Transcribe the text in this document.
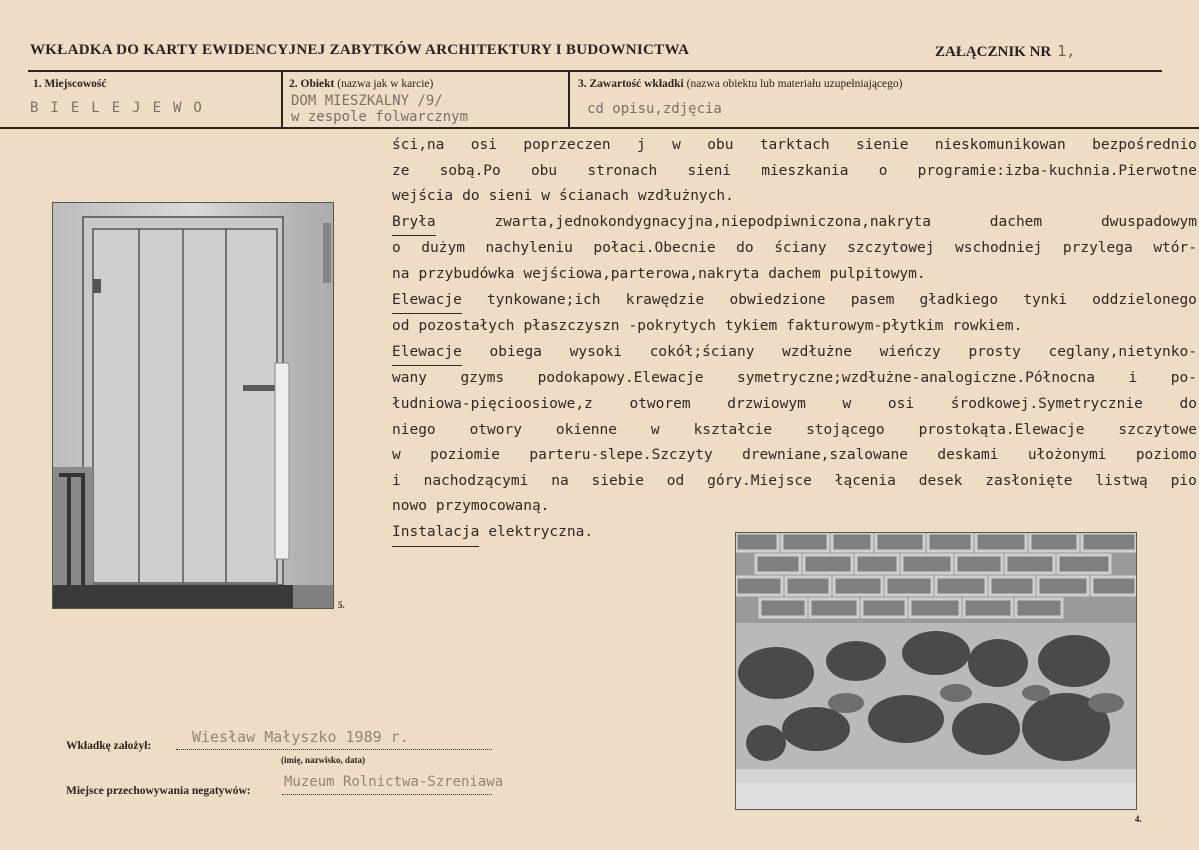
WKŁADKA DO KARTY EWIDENCYJNEJ ZABYTKÓW ARCHITEKTURY I BUDOWNICTWA	ZAŁĄCZNIK NR 1,
1. Miejscowość
BIELEJEWO
2. Obiekt (nazwa jak w karcie)
DOM MIESZKALNY /9/
w zespole folwarcznym
3. Zawartość wkładki (nazwa obiektu lub materiału uzupełniającego)
cd opisu,zdjęcia
ści,na osi poprzeczen j w obu tarktach sienie nieskomunikowan bezpośrednio
ze sobą.Po obu stronach sieni mieszkania o programie:izba-kuchnia.Pierwotne
wejścia do sieni w ścianach wzdłużnych.
Bryła	zwarta,jednokondygnacyjna,niepodpiwniczona,nakryta	dachem	dwuspadowym
o dużym nachyleniu połaci.Obecnie do ściany szczytowej wschodniej przylega wtór-
na przybudówka wejściowa,parterowa,nakryta dachem pulpitowym.
Elewacje tynkowane;ich krawędzie obwiedzione pasem gładkiego tynki oddzielonego
od pozostałych płaszczyszn -pokrytych tykiem fakturowym-płytkim rowkiem.
Elewacje obiega wysoki cokół;ściany wzdłużne wieńczy prosty ceglany,nietynko-
wany gzyms podokapowy.Elewacje symetryczne;wzdłużne-analogiczne.Północna i po-
łudniowa-pięcioosiowe,z	otworem	drzwiowym	w	osi	środkowej.Symetrycznie	do
niego otwory okienne w kształcie stojącego prostokąta.Elewacje szczytowe
w poziomie parteru-slepe.Szczyty drewniane,szalowane deskami ułożonymi poziomo
i nachodzącymi na siebie od góry.Miejsce łącenia desek zasłonięte listwą pio
nowo przymocowaną.
Instalacja elektryczna.
5.
4.
Wkładkę założył:	Wiesław Małyszko 1989 r.
(imię, nazwisko, data)
Miejsce przechowywania negatywów:
Muzeum Rolnictwa-Szreniawa
